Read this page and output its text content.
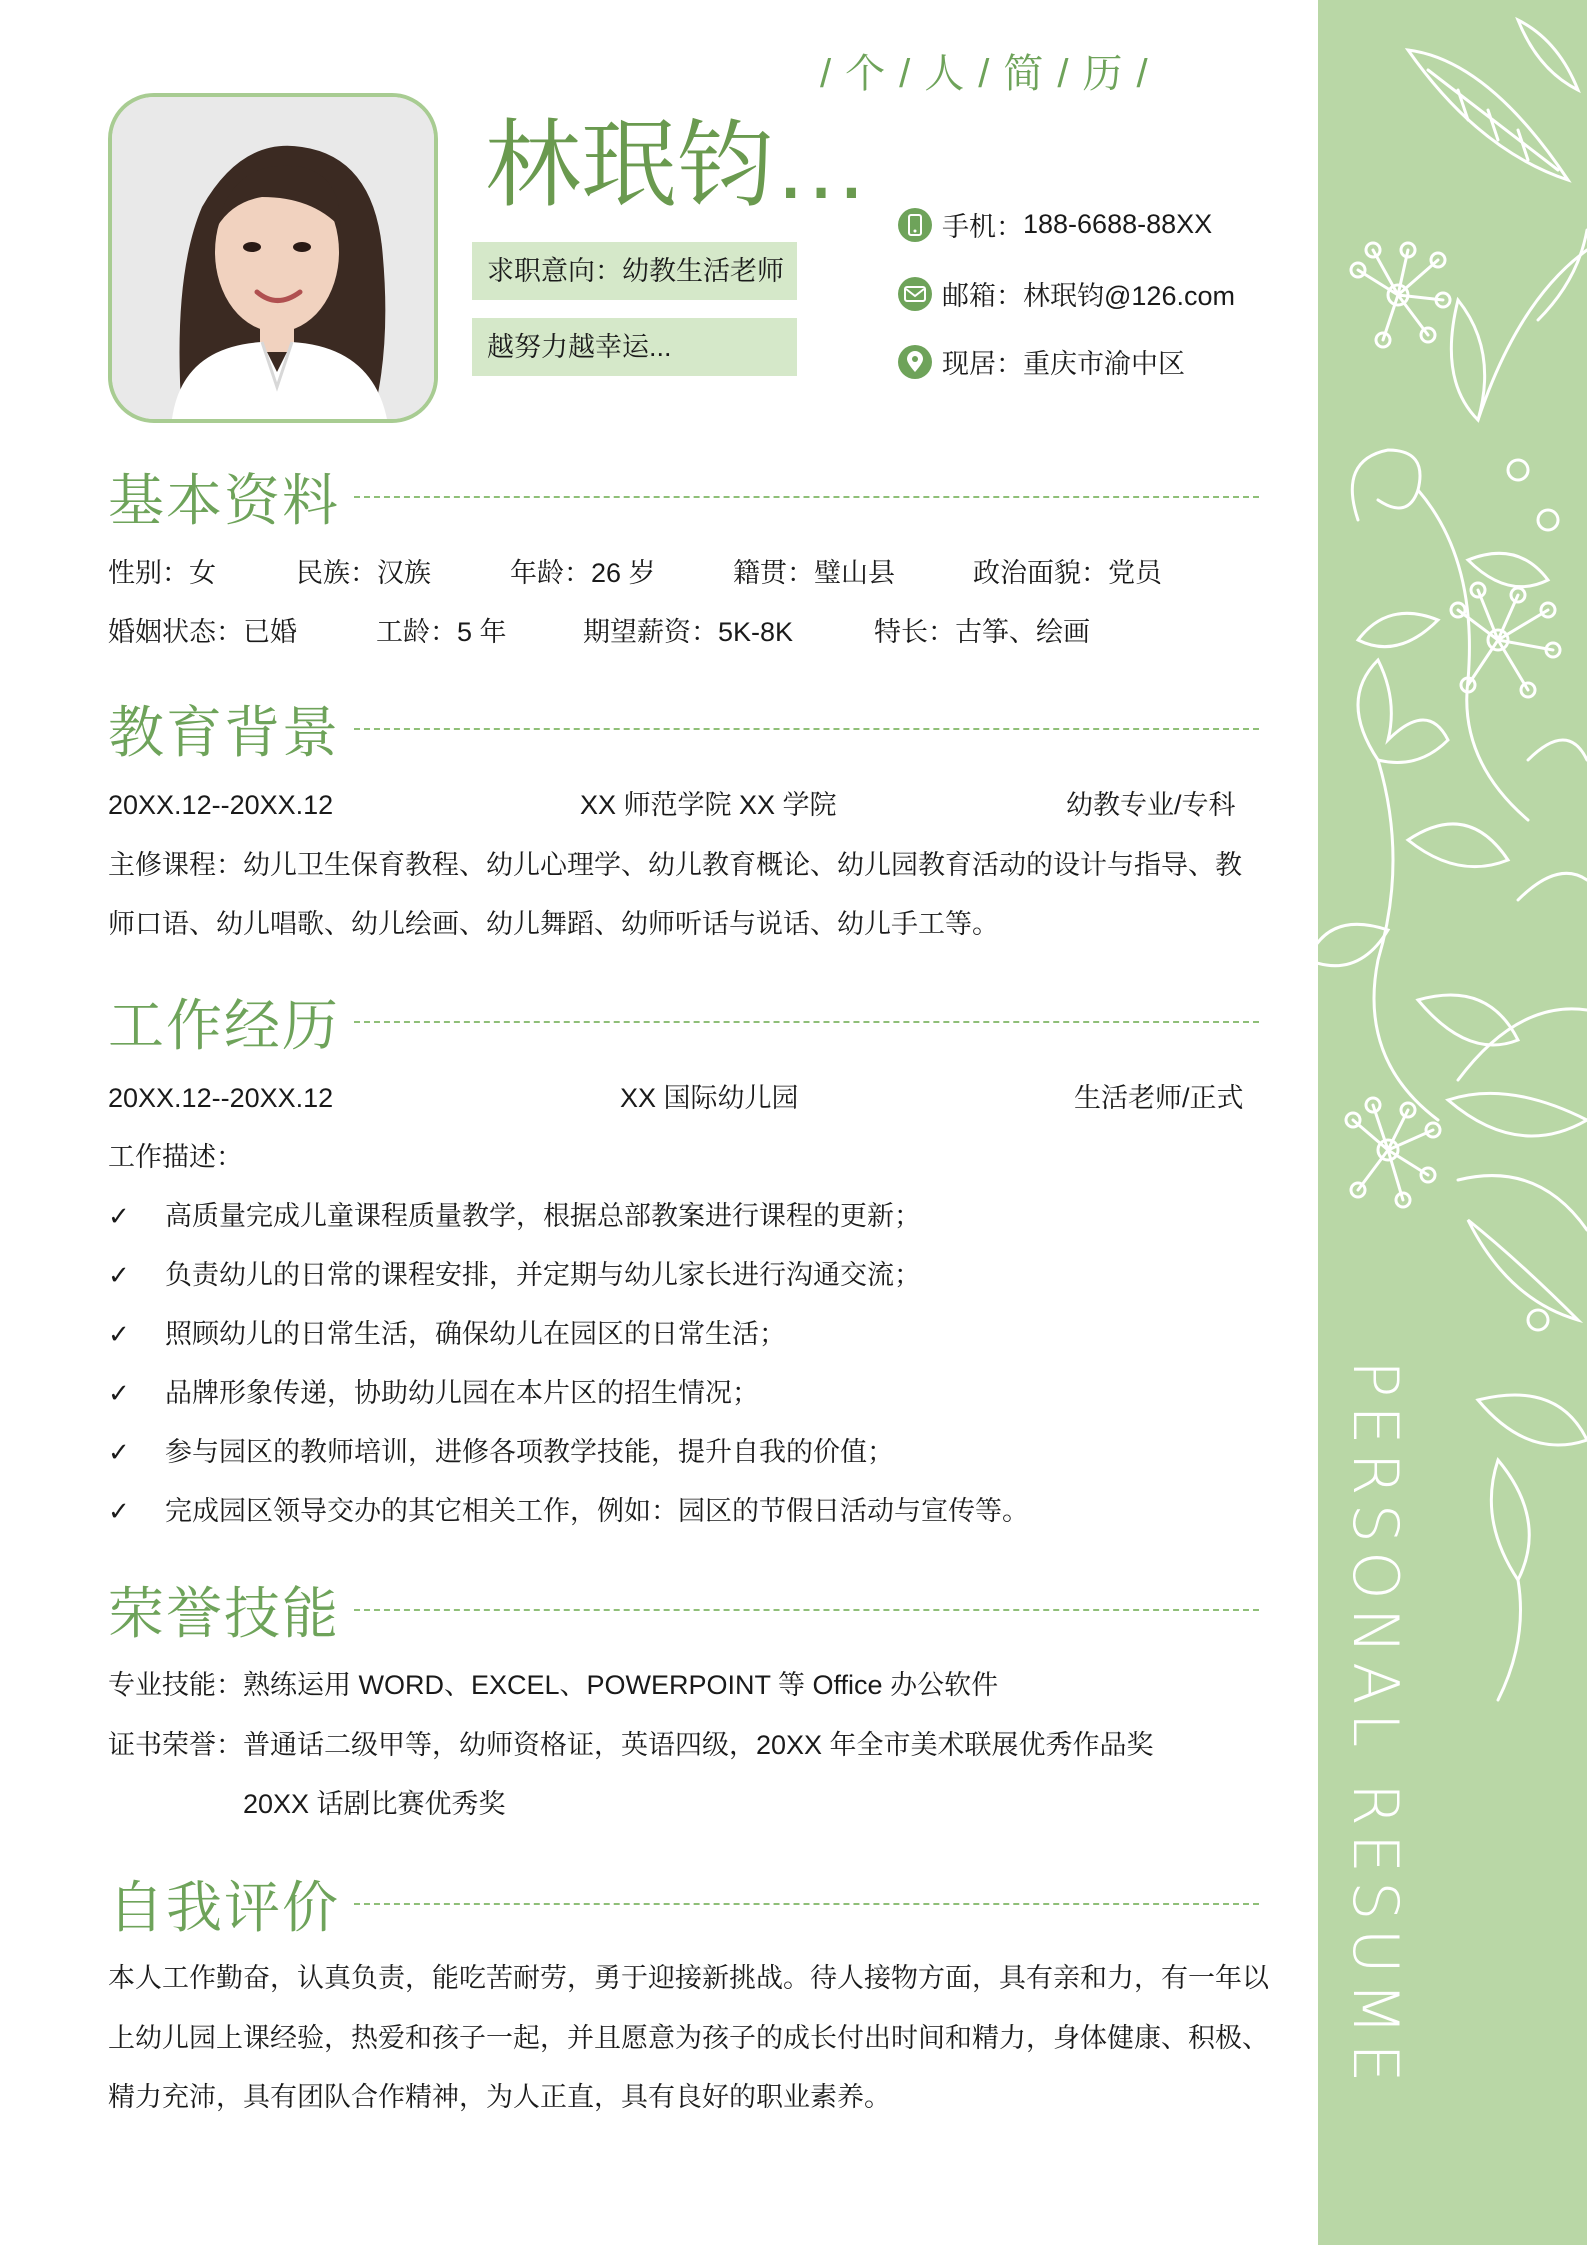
PERSONAL RESUME
/ 个 / 人 / 简 / 历 /
林珉钧…
求职意向：幼教生活老师
越努力越幸运...
手机： 188-6688-88XX
邮箱： 林珉钧@126.com
现居： 重庆市渝中区
基本资料
性别：女	民族：汉族	年龄：26 岁	籍贯：璧山县	政治面貌：党员
婚姻状态：已婚	工龄：5 年	期望薪资：5K-8K	特长：古筝、绘画
教育背景
20XX.12--20XX.12	XX 师范学院 XX 学院	幼教专业/专科
主修课程：幼儿卫生保育教程、幼儿心理学、幼儿教育概论、幼儿园教育活动的设计与指导、教
师口语、幼儿唱歌、幼儿绘画、幼儿舞蹈、幼师听话与说话、幼儿手工等。
工作经历
20XX.12--20XX.12	XX 国际幼儿园	生活老师/正式
工作描述：
✓ 高质量完成儿童课程质量教学，根据总部教案进行课程的更新；
✓ 负责幼儿的日常的课程安排，并定期与幼儿家长进行沟通交流；
✓ 照顾幼儿的日常生活，确保幼儿在园区的日常生活；
✓ 品牌形象传递，协助幼儿园在本片区的招生情况；
✓ 参与园区的教师培训，进修各项教学技能，提升自我的价值；
✓ 完成园区领导交办的其它相关工作，例如：园区的节假日活动与宣传等。
荣誉技能
专业技能：熟练运用 WORD、EXCEL、POWERPOINT 等 Office 办公软件
证书荣誉：普通话二级甲等，幼师资格证，英语四级，20XX 年全市美术联展优秀作品奖
20XX 话剧比赛优秀奖
自我评价
本人工作勤奋，认真负责，能吃苦耐劳，勇于迎接新挑战。待人接物方面，具有亲和力，有一年以
上幼儿园上课经验，热爱和孩子一起，并且愿意为孩子的成长付出时间和精力，身体健康、积极、
精力充沛，具有团队合作精神，为人正直，具有良好的职业素养。
